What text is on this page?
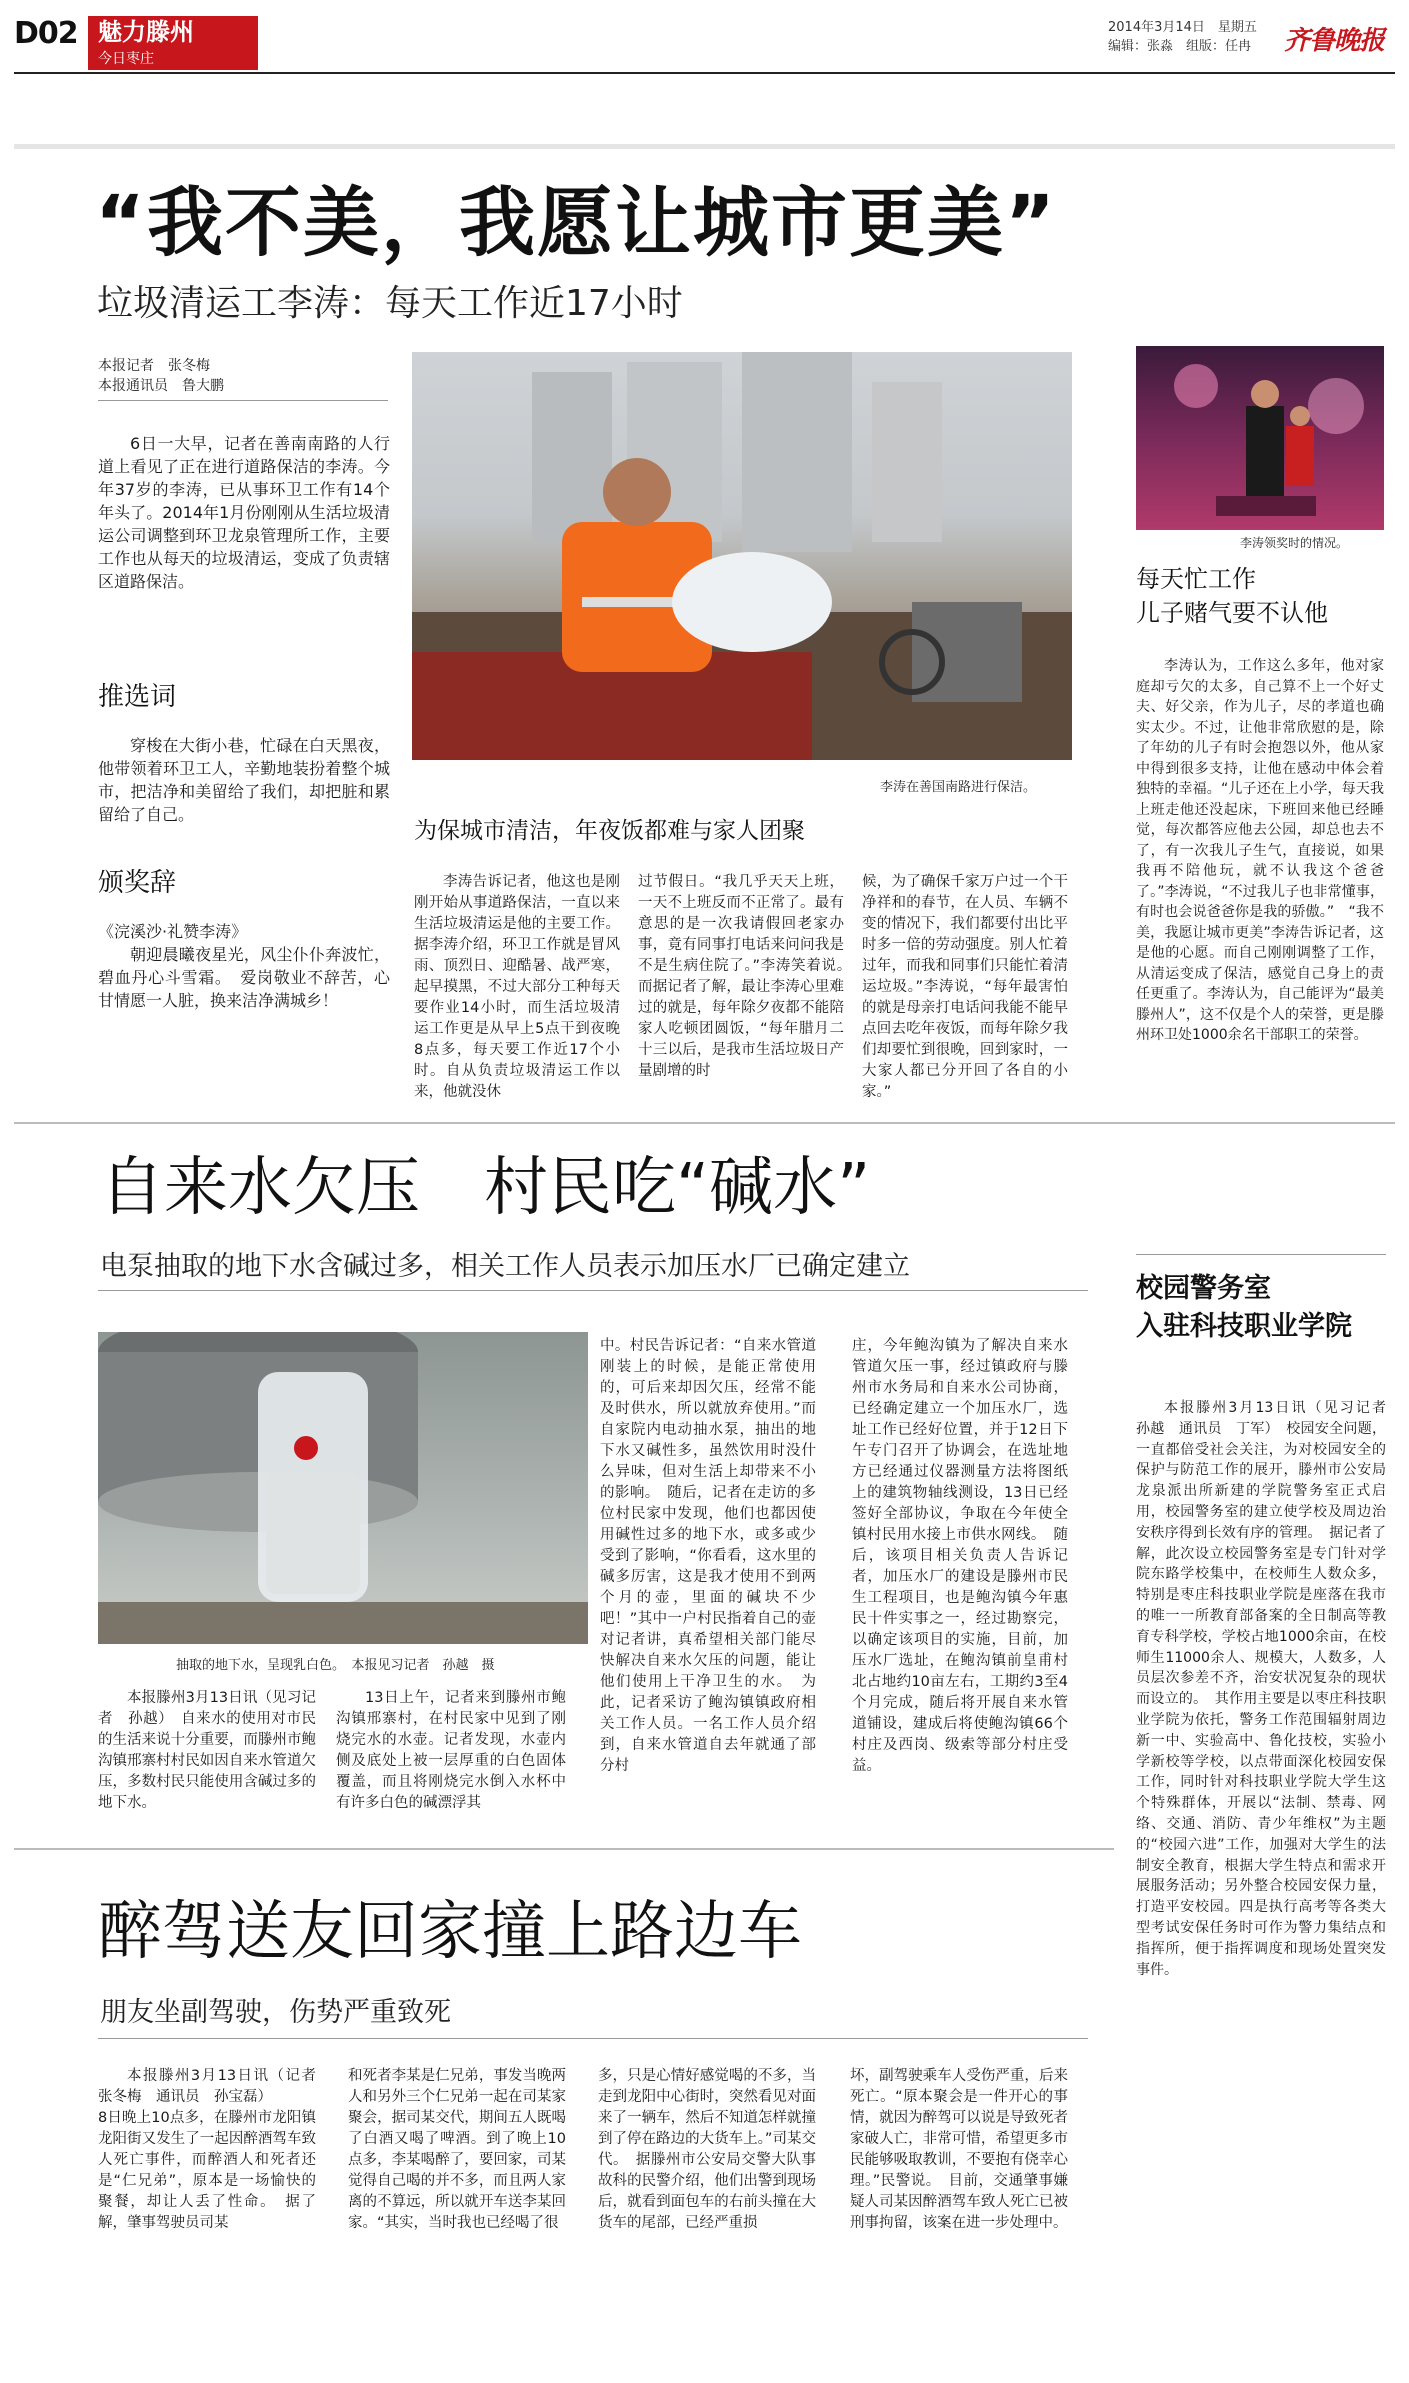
D02 魅力滕州
今日枣庄
2014年3月14日　 星期五
编辑：张淼　组版：任冉	齐鲁晚报
“我不美，我愿让城市更美”
垃圾清运工李涛：每天工作近17小时
本报记者　张冬梅
本报通讯员　鲁大鹏

6日一大早，记者在善南南路的人行道上看见了正在进行道路保洁的李涛。今年37岁的李涛，已从事环卫工作有14个年头了。2014年1月份刚刚从生活垃圾清运公司调整到环卫龙泉管理所工作，主要工作也从每天的垃圾清运，变成了负责辖区道路保洁。

推选词

穿梭在大街小巷，忙碌在白天黑夜，他带领着环卫工人，辛勤地装扮着整个城市，把洁净和美留给了我们，却把脏和累留给了自己。

颁奖辞

《浣溪沙·礼赞李涛》

朝迎晨曦夜星光，风尘仆仆奔波忙，碧血丹心斗雪霜。　爱岗敬业不辞苦，心甘情愿一人脏，换来洁净满城乡！

李涛在善国南路进行保洁。
为保城市清洁，年夜饭都难与家人团聚

李涛告诉记者，他这也是刚刚开始从事道路保洁，一直以来生活垃圾清运是他的主要工作。据李涛介绍，环卫工作就是冒风雨、顶烈日、迎酷暑、战严寒，起早摸黑，不过大部分工种每天要作业14小时，而生活垃圾清运工作更是从早上5点干到夜晚8点多，每天要工作近17个小时。自从负责垃圾清运工作以来，他就没休

过节假日。“我几乎天天上班，一天不上班反而不正常了。最有意思的是一次我请假回老家办事，竟有同事打电话来问问我是不是生病住院了。”李涛笑着说。　而据记者了解，最让李涛心里难过的就是，每年除夕夜都不能陪家人吃顿团圆饭，“每年腊月二十三以后，是我市生活垃圾日产量剧增的时

候，为了确保千家万户过一个干净祥和的春节，在人员、车辆不变的情况下，我们都要付出比平时多一倍的劳动强度。别人忙着过年，而我和同事们只能忙着清运垃圾。”李涛说，“每年最害怕的就是母亲打电话问我能不能早点回去吃年夜饭，而每年除夕我们却要忙到很晚，回到家时，一大家人都已分开回了各自的小家。”

李涛领奖时的情况。
每天忙工作
儿子赌气要不认他

李涛认为，工作这么多年，他对家庭却亏欠的太多，自己算不上一个好丈夫、好父亲，作为儿子，尽的孝道也确实太少。不过，让他非常欣慰的是，除了年幼的儿子有时会抱怨以外，他从家中得到很多支持，让他在感动中体会着独特的幸福。“儿子还在上小学，每天我上班走他还没起床，下班回来他已经睡觉，每次都答应他去公园，却总也去不了，有一次我儿子生气，直接说，如果我再不陪他玩，就不认我这个爸爸了。”李涛说，“不过我儿子也非常懂事，有时也会说爸爸你是我的骄傲。”　“我不美，我愿让城市更美”李涛告诉记者，这是他的心愿。而自己刚刚调整了工作，从清运变成了保洁，感觉自己身上的责任更重了。李涛认为，自己能评为“最美滕州人”，这不仅是个人的荣誉，更是滕州环卫处1000余名干部职工的荣誉。

自来水欠压　村民吃“碱水”
电泵抽取的地下水含碱过多，相关工作人员表示加压水厂已确定建立
抽取的地下水，呈现乳白色。　本报见习记者　孙越　摄

本报滕州3月13日讯（见习记者　孙越）　自来水的使用对市民的生活来说十分重要，而滕州市鲍沟镇邢寨村村民如因自来水管道欠压，多数村民只能使用含碱过多的地下水。

13日上午，记者来到滕州市鲍沟镇邢寨村，在村民家中见到了刚烧完水的水壶。记者发现，水壶内侧及底处上被一层厚重的白色固体覆盖，而且将刚烧完水倒入水杯中有许多白色的碱漂浮其

中。村民告诉记者：“自来水管道刚装上的时候，是能正常使用的，可后来却因欠压，经常不能及时供水，所以就放弃使用。”而自家院内电动抽水泵，抽出的地下水又碱性多，虽然饮用时没什么异味，但对生活上却带来不小的影响。　随后，记者在走访的多位村民家中发现，他们也都因使用碱性过多的地下水，或多或少受到了影响，“你看看，这水里的碱多厉害，这是我才使用不到两个月的壶，里面的碱块不少吧！”其中一户村民指着自己的壶对记者讲，真希望相关部门能尽快解决自来水欠压的问题，能让他们使用上干净卫生的水。　为此，记者采访了鲍沟镇镇政府相关工作人员。一名工作人员介绍到，自来水管道自去年就通了部分村

庄，今年鲍沟镇为了解决自来水管道欠压一事，经过镇政府与滕州市水务局和自来水公司协商，已经确定建立一个加压水厂，选址工作已经好位置，并于12日下午专门召开了协调会，在选址地方已经通过仪器测量方法将图纸上的建筑物轴线测设，13日已经签好全部协议，争取在今年使全镇村民用水接上市供水网线。　随后，该项目相关负责人告诉记者，加压水厂的建设是滕州市民生工程项目，也是鲍沟镇今年惠民十件实事之一，经过勘察完，以确定该项目的实施，目前，加压水厂选址，在鲍沟镇前皇甫村北占地约10亩左右，工期约3至4个月完成，随后将开展自来水管道铺设，建成后将使鲍沟镇66个村庄及西岗、级索等部分村庄受益。

校园警务室
入驻科技职业学院

本报滕州3月13日讯（见习记者　孙越　通讯员　丁军）　校园安全问题，一直都倍受社会关注，为对校园安全的保护与防范工作的展开，滕州市公安局龙泉派出所新建的学院警务室正式启用，校园警务室的建立使学校及周边治安秩序得到长效有序的管理。　据记者了解，此次设立校园警务室是专门针对学院东路学校集中，在校师生人数众多，特别是枣庄科技职业学院是座落在我市的唯一一所教育部备案的全日制高等教育专科学校，学校占地1000余亩，在校师生11000余人、规模大，人数多，人员层次参差不齐，治安状况复杂的现状而设立的。　其作用主要是以枣庄科技职业学院为依托，警务工作范围辐射周边新一中、实验高中、鲁化技校，实验小学新校等学校，以点带面深化校园安保工作，同时针对科技职业学院大学生这个特殊群体，开展以“法制、禁毒、网络、交通、消防、青少年维权”为主题的“校园六进”工作，加强对大学生的法制安全教育，根据大学生特点和需求开展服务活动；另外整合校园安保力量，打造平安校园。四是执行高考等各类大型考试安保任务时可作为警力集结点和指挥所，便于指挥调度和现场处置突发事件。

醉驾送友回家撞上路边车
朋友坐副驾驶，伤势严重致死

本报滕州3月13日讯（记者　张冬梅　通讯员　孙宝磊）

8日晚上10点多，在滕州市龙阳镇龙阳街又发生了一起因醉酒驾车致人死亡事件，而醉酒人和死者还是“仁兄弟”，原本是一场愉快的聚餐，却让人丢了性命。　据了解，肇事驾驶员司某

和死者李某是仁兄弟，事发当晚两人和另外三个仁兄弟一起在司某家聚会，据司某交代，期间五人既喝了白酒又喝了啤酒。到了晚上10点多，李某喝醉了，要回家，司某觉得自己喝的并不多，而且两人家离的不算远，所以就开车送李某回家。“其实，当时我也已经喝了很

多，只是心情好感觉喝的不多，当走到龙阳中心街时，突然看见对面来了一辆车，然后不知道怎样就撞到了停在路边的大货车上。”司某交代。　据滕州市公安局交警大队事故科的民警介绍，他们出警到现场后，就看到面包车的右前头撞在大货车的尾部，已经严重损

坏，副驾驶乘车人受伤严重，后来死亡。“原本聚会是一件开心的事情，就因为醉驾可以说是导致死者家破人亡，非常可惜，希望更多市民能够吸取教训，不要抱有侥幸心理。”民警说。　目前，交通肇事嫌疑人司某因醉酒驾车致人死亡已被刑事拘留，该案在进一步处理中。
